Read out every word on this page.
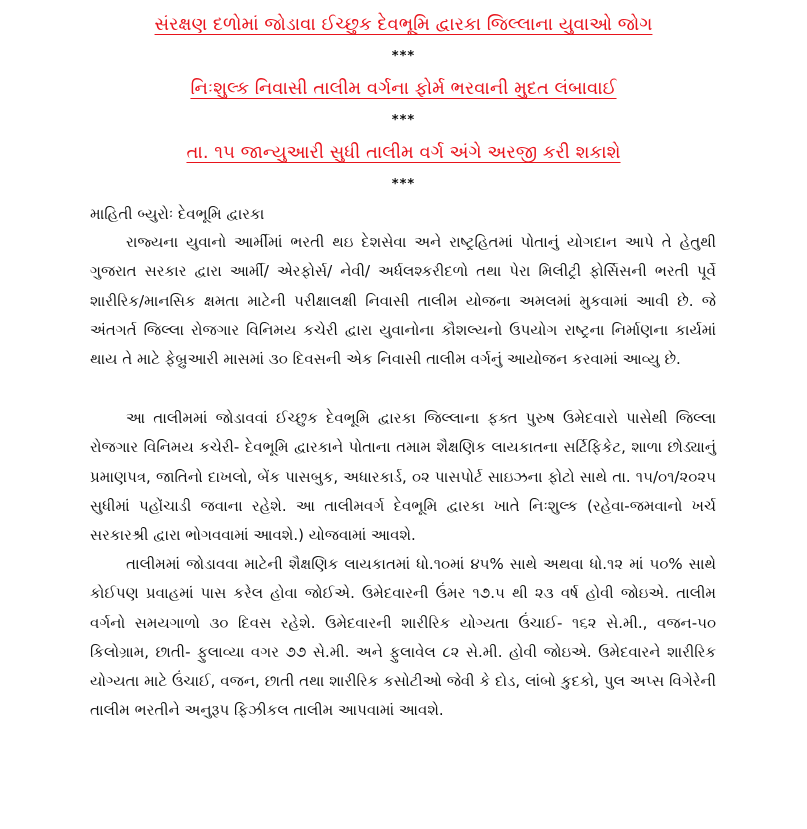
સંરક્ષણ દળોમાં જોડાવા ઈચ્છુક દેવભૂમિ દ્વારકા જિલ્લાના યુવાઓ જોગ
***
નિઃશુલ્ક નિવાસી તાલીમ વર્ગના ફોર્મ ભરવાની મુદત લંબાવાઈ
***
તા. ૧૫ જાન્યુઆરી સુધી તાલીમ વર્ગ અંગે અરજી કરી શકાશે
***
માહિતી બ્યુરોઃ દેવભૂમિ દ્વારકા

રાજ્યના યુવાનો આર્મીમાં ભરતી થઇ દેશસેવા અને રાષ્ટ્રહિતમાં પોતાનું યોગદાન આપે તે હેતુથી ગુજરાત સરકાર દ્વારા આર્મી/ એરફોર્સ/ નેવી/ અર્ધલશ્કરીદળો તથા પેરા મિલીટ્રી ફોર્સિસની ભરતી પૂર્વે શારીરિક/માનસિક ક્ષમતા માટેની પરીક્ષાલક્ષી નિવાસી તાલીમ યોજના અમલમાં મુકવામાં આવી છે. જે અંતગર્ત જિલ્લા રોજગાર વિનિમય કચેરી દ્વારા યુવાનોના કૌશલ્યનો ઉપયોગ રાષ્ટ્રના નિર્માણના કાર્યમાં થાય તે માટે ફેબ્રુઆરી માસમાં ૩૦ દિવસની એક નિવાસી તાલીમ વર્ગનું આયોજન કરવામાં આવ્યુ છે.

આ તાલીમમાં જોડાવવાં ઈચ્છુક દેવભૂમિ દ્વારકા જિલ્લાના ફક્ત પુરુષ ઉમેદવારો પાસેથી જિલ્લા રોજગાર વિનિમય કચેરી- દેવભૂમિ દ્વારકાને પોતાના તમામ શૈક્ષણિક લાયકાતના સર્ટિફિકેટ, શાળા છોડ્યાનું પ્રમાણપત્ર, જાતિનો દાખલો, બેંક પાસબુક, અધારકાર્ડ, ૦૨ પાસપોર્ટ સાઇઝના ફોટો સાથે તા. ૧૫/૦૧/૨૦૨૫ સુધીમાં પહોંચાડી જવાના રહેશે. આ તાલીમવર્ગ દેવભૂમિ દ્વારકા ખાતે નિઃશુલ્ક (રહેવા-જમવાનો ખર્ચ સરકારશ્રી દ્વારા ભોગવવામાં આવશે.) યોજવામાં આવશે.

તાલીમમાં જોડાવવા માટેની શૈક્ષણિક લાયકાતમાં ધો.૧૦માં ૪૫% સાથે અથવા ધો.૧૨ માં ૫૦% સાથે કોઈપણ પ્રવાહમાં પાસ કરેલ હોવા જોઈએ. ઉમેદવારની ઉંમર ૧૭.૫ થી ૨૩ વર્ષ હોવી જોઇએ. તાલીમ વર્ગનો સમયગાળો ૩૦ દિવસ રહેશે. ઉમેદવારની શારીરિક યોગ્યતા ઉંચાઈ- ૧૬૨ સે.મી., વજન-૫૦ કિલોગ્રામ, છાતી- ફુલાવ્યા વગર ૭૭ સે.મી. અને ફુલાવેલ ૮૨ સે.મી. હોવી જોઇએ. ઉમેદવારને શારીરિક યોગ્યતા માટે ઉંચાઈ, વજન, છાતી તથા શારીરિક કસોટીઓ જેવી કે દોડ, લાંબો કુદકો, પુલ અપ્સ વિગેરેની તાલીમ ભરતીને અનુરૂપ ફિઝીકલ તાલીમ આપવામાં આવશે.
